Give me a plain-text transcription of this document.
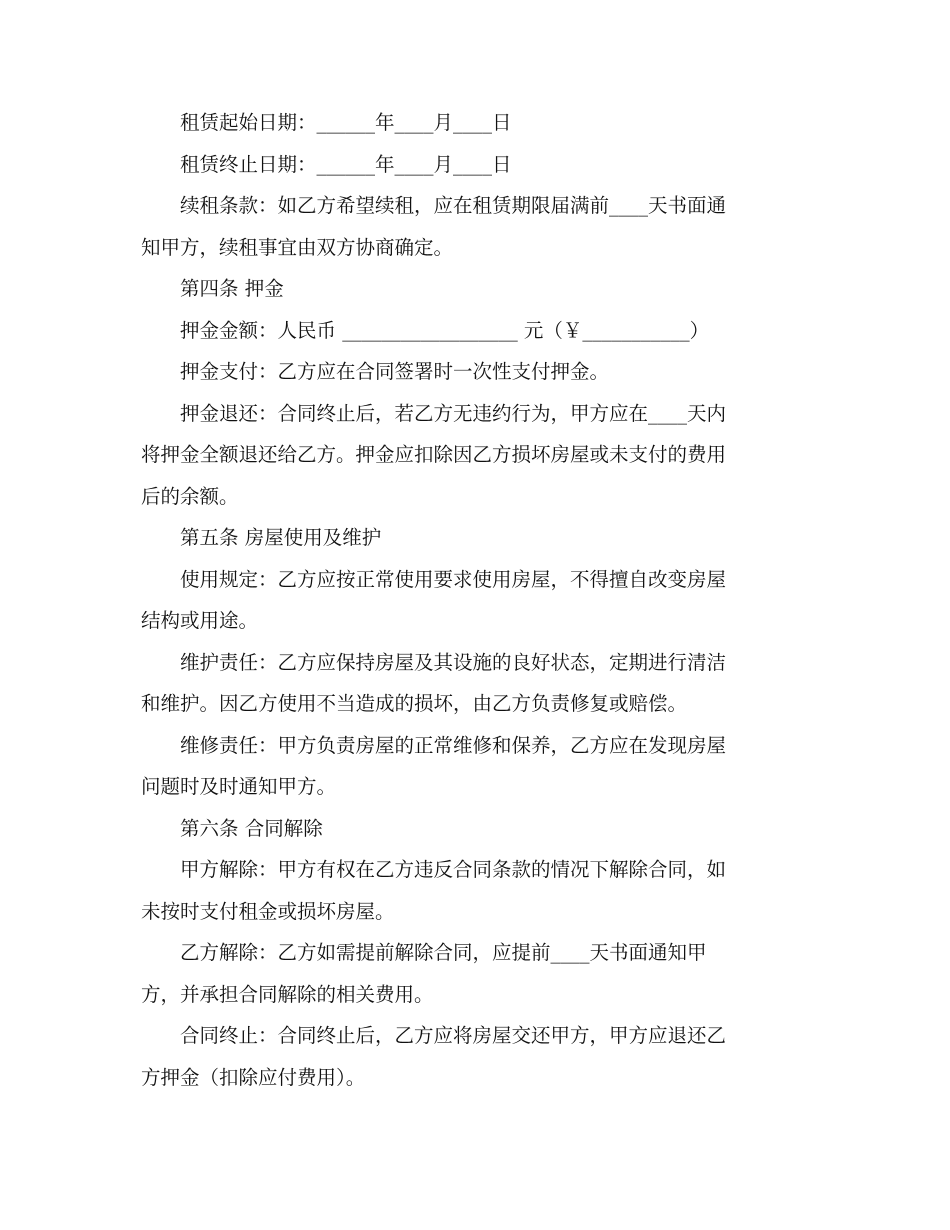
租赁起始日期：______年____月____日

租赁终止日期：______年____月____日

续租条款：如乙方希望续租，应在租赁期限届满前____天书面通
知甲方，续租事宜由双方协商确定。

第四条 押金

押金金额：人民币 __________________ 元（￥___________）

押金支付：乙方应在合同签署时一次性支付押金。

押金退还：合同终止后，若乙方无违约行为，甲方应在____天内
将押金全额退还给乙方。押金应扣除因乙方损坏房屋或未支付的费用
后的余额。

第五条 房屋使用及维护

使用规定：乙方应按正常使用要求使用房屋，不得擅自改变房屋
结构或用途。

维护责任：乙方应保持房屋及其设施的良好状态，定期进行清洁
和维护。因乙方使用不当造成的损坏，由乙方负责修复或赔偿。

维修责任：甲方负责房屋的正常维修和保养，乙方应在发现房屋
问题时及时通知甲方。

第六条 合同解除

甲方解除：甲方有权在乙方违反合同条款的情况下解除合同，如
未按时支付租金或损坏房屋。

乙方解除：乙方如需提前解除合同，应提前____天书面通知甲
方，并承担合同解除的相关费用。

合同终止：合同终止后，乙方应将房屋交还甲方，甲方应退还乙
方押金（扣除应付费用）。
